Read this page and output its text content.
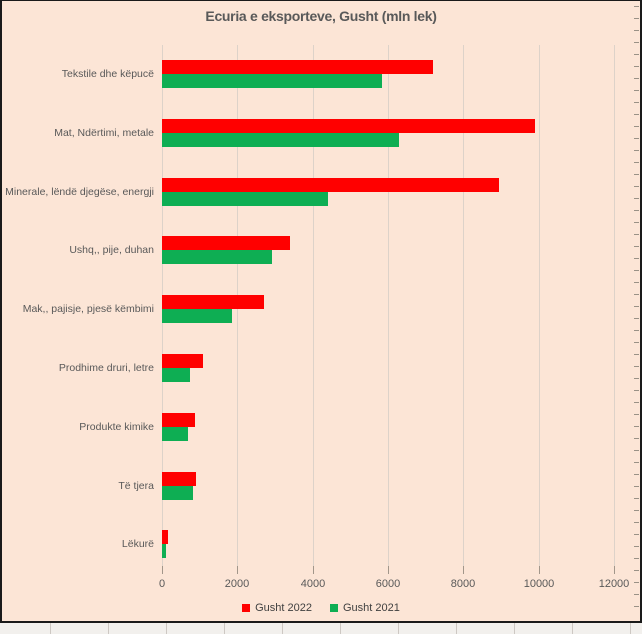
Ecuria e eksporteve, Gusht (mln lek)
0	2000	4000	6000	8000	10000	12000
Tekstile dhe këpucë
Mat, Ndërtimi, metale
Minerale, lëndë djegëse, energji
Ushq,, pije, duhan
Mak,, pajisje, pjesë këmbimi
Prodhime druri, letre
Produkte kimike
Të tjera
Lëkurë
Gusht 2022	Gusht 2021
